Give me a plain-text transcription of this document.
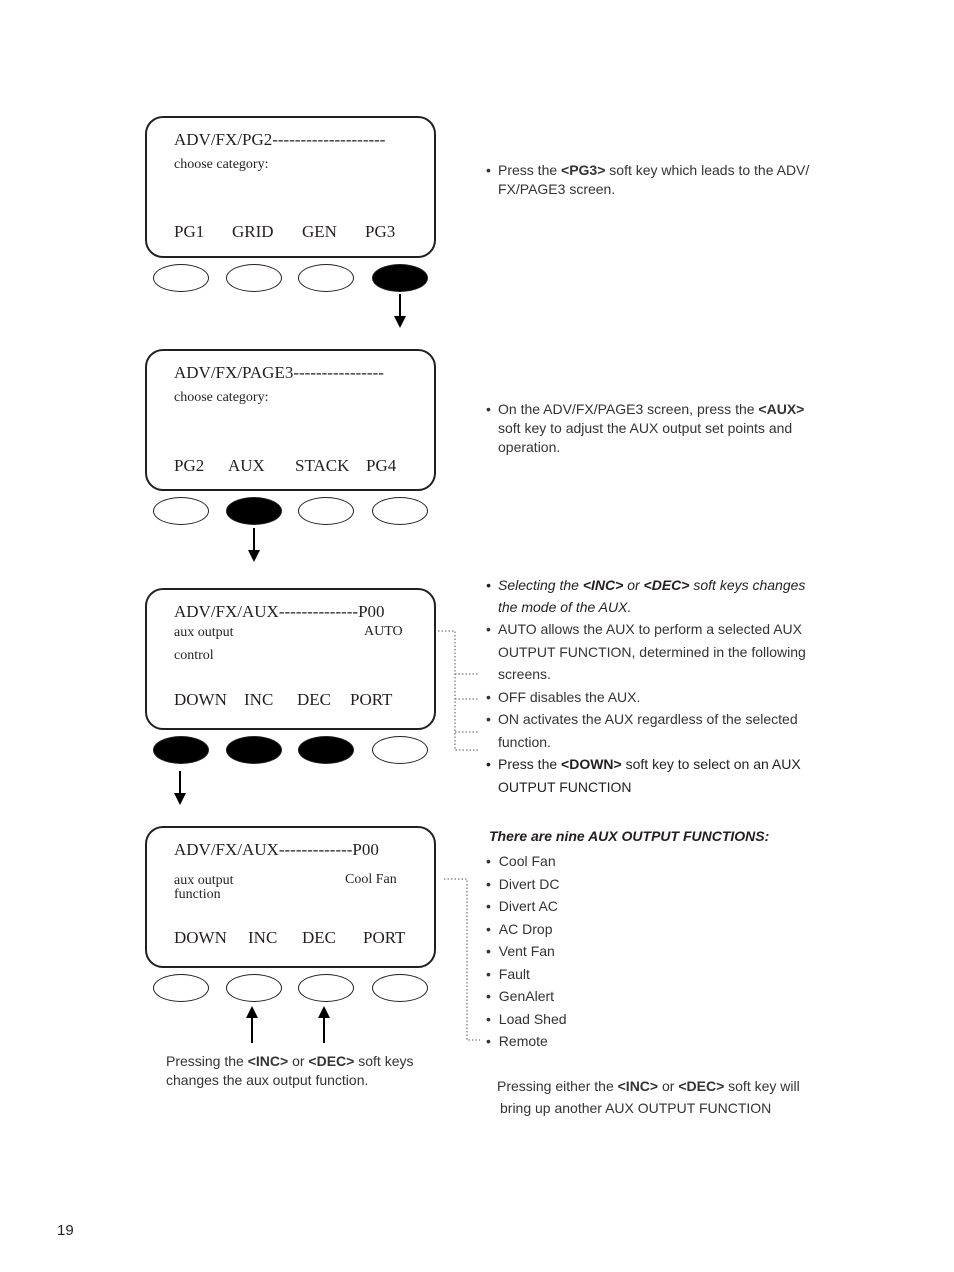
ADV/FX/PG2--------------------
choose category:
PG1 GRID GEN PG3
ADV/FX/PAGE3----------------
choose category:
PG2 AUX STACK PG4
ADV/FX/AUX--------------P00
aux output
control
AUTO
DOWN INC DEC PORT
ADV/FX/AUX-------------P00
aux output
function
Cool Fan
DOWN INC DEC PORT
Pressing the <INC> or <DEC> soft keys
changes the aux output function.
• Press the <PG3> soft key which leads to the ADV/ FX/PAGE3 screen.
• On the ADV/FX/PAGE3 screen, press the <AUX> soft key to adjust the AUX output set points and operation.
• Selecting the <INC> or <DEC> soft keys changes the mode of the AUX.
• AUTO allows the AUX to perform a selected AUX OUTPUT FUNCTION, determined in the following screens.
• OFF disables the AUX.
• ON activates the AUX regardless of the selected function.
• Press the <DOWN> soft key to select on an AUX OUTPUT FUNCTION
There are nine AUX OUTPUT FUNCTIONS:
• Cool Fan
• Divert DC
• Divert AC
• AC Drop
• Vent Fan
• Fault
• GenAlert
• Load Shed
• Remote
Pressing either the <INC> or <DEC> soft key will
bring up another AUX OUTPUT FUNCTION
19
